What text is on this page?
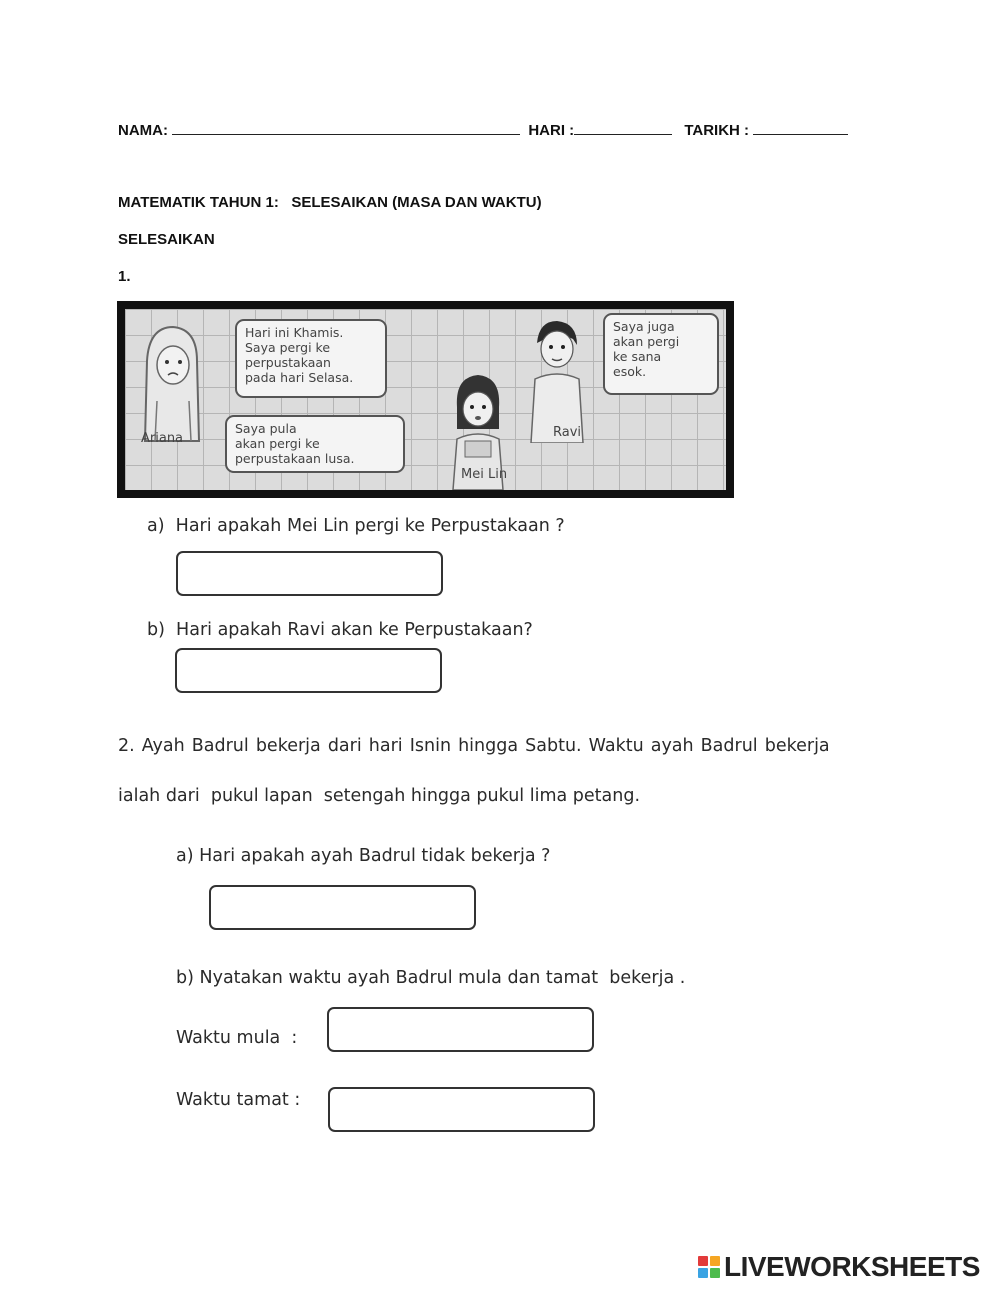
NAMA:	HARI :	TARIKH :
MATEMATIK TAHUN 1:   SELESAIKAN (MASA DAN WAKTU)
SELESAIKAN
1.
Ariana
Hari ini Khamis.
Saya pergi ke
perpustakaan
pada hari Selasa.
Saya pula
akan pergi ke
perpustakaan lusa.
Mei Lin
Ravi
Saya juga
akan pergi
ke sana
esok.
a)  Hari apakah Mei Lin pergi ke Perpustakaan ?
b)  Hari apakah Ravi akan ke Perpustakaan?
2. Ayah Badrul bekerja dari hari Isnin hingga Sabtu. Waktu ayah Badrul bekerja
ialah dari  pukul lapan  setengah hingga pukul lima petang.
a) Hari apakah ayah Badrul tidak bekerja ?
b) Nyatakan waktu ayah Badrul mula dan tamat  bekerja .
Waktu mula  :
Waktu tamat :
LIVEWORKSHEETS
